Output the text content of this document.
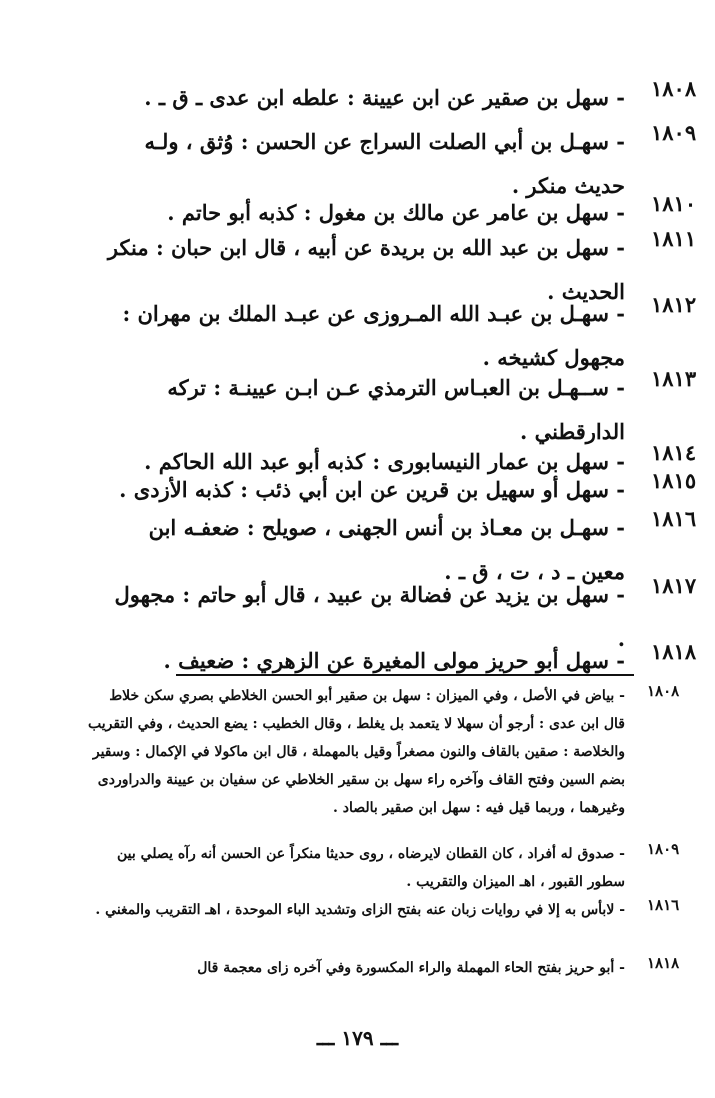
١٨٠٨

- سهل بن صقير عن ابن عيينة : علطه ابن عدى ـ ق ـ .

١٨٠٩

- سهـل بن أبي الصلت السراج عن الحسن : وُثق ، ولـه حديث منكر .

١٨١٠

- سهل بن عامر عن مالك بن مغول : كذبه أبو حاتم .

١٨١١

- سهل بن عبد الله بن بريدة عن أبيه ، قال ابن حبان : منكر الحديث .

١٨١٢

- سهـل بن عبـد الله المـروزى عن عبـد الملك بن مهران : مجهول كشيخه .

١٨١٣

- ســهـل بن العبـاس الترمذي عـن ابـن عيينـة : تركه الدارقطني .

١٨١٤

- سهل بن عمار النيسابورى : كذبه أبو عبد الله الحاكم .

١٨١٥

- سهل أو سهيل بن قرين عن ابن أبي ذئب : كذبه الأزدى .

١٨١٦

- سهـل بن معـاذ بن أنس الجهنى ، صويلح : ضعفـه ابن معين ـ د ، ت ، ق ـ .

١٨١٧

- سهل بن يزيد عن فضالة بن عبيد ، قال أبو حاتم : مجهول .

١٨١٨

- سهل أبو حريز مولى المغيرة عن الزهري : ضعيف .

١٨٠٨

- بياض في الأصل ، وفي الميزان : سهل بن صقير أبو الحسن الخلاطي بصري سكن خلاط قال ابن عدى : أرجو أن سهلا لا يتعمد بل يغلط ، وقال الخطيب : يضع الحديث ، وفي التقريب والخلاصة : صقين بالقاف والنون مصغراً وقيل بالمهملة ، قال ابن ماكولا في الإكمال : وسقير بضم السين وفتح القاف وآخره راء سهل بن سقير الخلاطي عن سفيان بن عيينة والدراوردى وغيرهما ، وربما قيل فيه : سهل ابن صقير بالصاد .

١٨٠٩

- صدوق له أفراد ، كان القطان لايرضاه ، روى حديثا منكراً عن الحسن أنه رآه يصلي بين سطور القبور ، اهـ الميزان والتقريب .

١٨١٦

- لابأس به إلا في روايات زبان عنه بفتح الزاى وتشديد الباء الموحدة ، اهـ التقريب والمغني .

١٨١٨

- أبو حريز بفتح الحاء المهملة والراء المكسورة وفي آخره زاى معجمة قال

ـــ ١٧٩ ـــ
